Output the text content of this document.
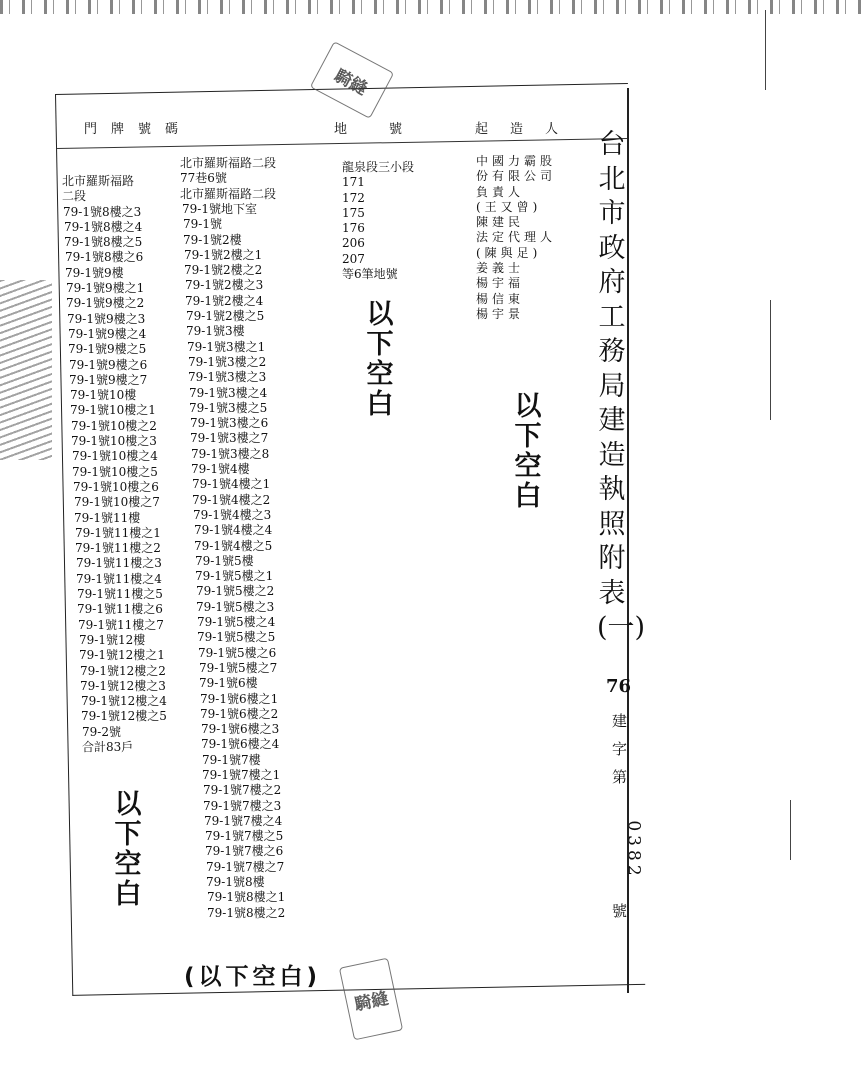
門牌號碼	地號 起造人
北市羅斯福路
二段
79-1號8樓之3
79-1號8樓之4
79-1號8樓之5
79-1號8樓之6
79-1號9樓
79-1號9樓之1
79-1號9樓之2
79-1號9樓之3
79-1號9樓之4
79-1號9樓之5
79-1號9樓之6
79-1號9樓之7
79-1號10樓
79-1號10樓之1
79-1號10樓之2
79-1號10樓之3
79-1號10樓之4
79-1號10樓之5
79-1號10樓之6
79-1號10樓之7
79-1號11樓
79-1號11樓之1
79-1號11樓之2
79-1號11樓之3
79-1號11樓之4
79-1號11樓之5
79-1號11樓之6
79-1號11樓之7
79-1號12樓
79-1號12樓之1
79-1號12樓之2
79-1號12樓之3
79-1號12樓之4
79-1號12樓之5
79-2號
合計83戶
北市羅斯福路二段
77巷6號
北市羅斯福路二段
79-1號地下室
79-1號
79-1號2樓
79-1號2樓之1
79-1號2樓之2
79-1號2樓之3
79-1號2樓之4
79-1號2樓之5
79-1號3樓
79-1號3樓之1
79-1號3樓之2
79-1號3樓之3
79-1號3樓之4
79-1號3樓之5
79-1號3樓之6
79-1號3樓之7
79-1號3樓之8
79-1號4樓
79-1號4樓之1
79-1號4樓之2
79-1號4樓之3
79-1號4樓之4
79-1號4樓之5
79-1號5樓
79-1號5樓之1
79-1號5樓之2
79-1號5樓之3
79-1號5樓之4
79-1號5樓之5
79-1號5樓之6
79-1號5樓之7
79-1號6樓
79-1號6樓之1
79-1號6樓之2
79-1號6樓之3
79-1號6樓之4
79-1號7樓
79-1號7樓之1
79-1號7樓之2
79-1號7樓之3
79-1號7樓之4
79-1號7樓之5
79-1號7樓之6
79-1號7樓之7
79-1號8樓
79-1號8樓之1
79-1號8樓之2
龍泉段三小段
171
172
175
176
206
207
等6筆地號
中國力霸股
份有限公司
負責人
(王又曾)
陳建民
法定代理人
(陳與足)
姜義士
楊宇福
楊信東
楊宇景
以
下
空
白	以
下
空
白
以
下
空
白
(以下空白)
台北市政府工務局建造執照附表(一)
76
建
字
第
0382
號
騎縫
騎縫
